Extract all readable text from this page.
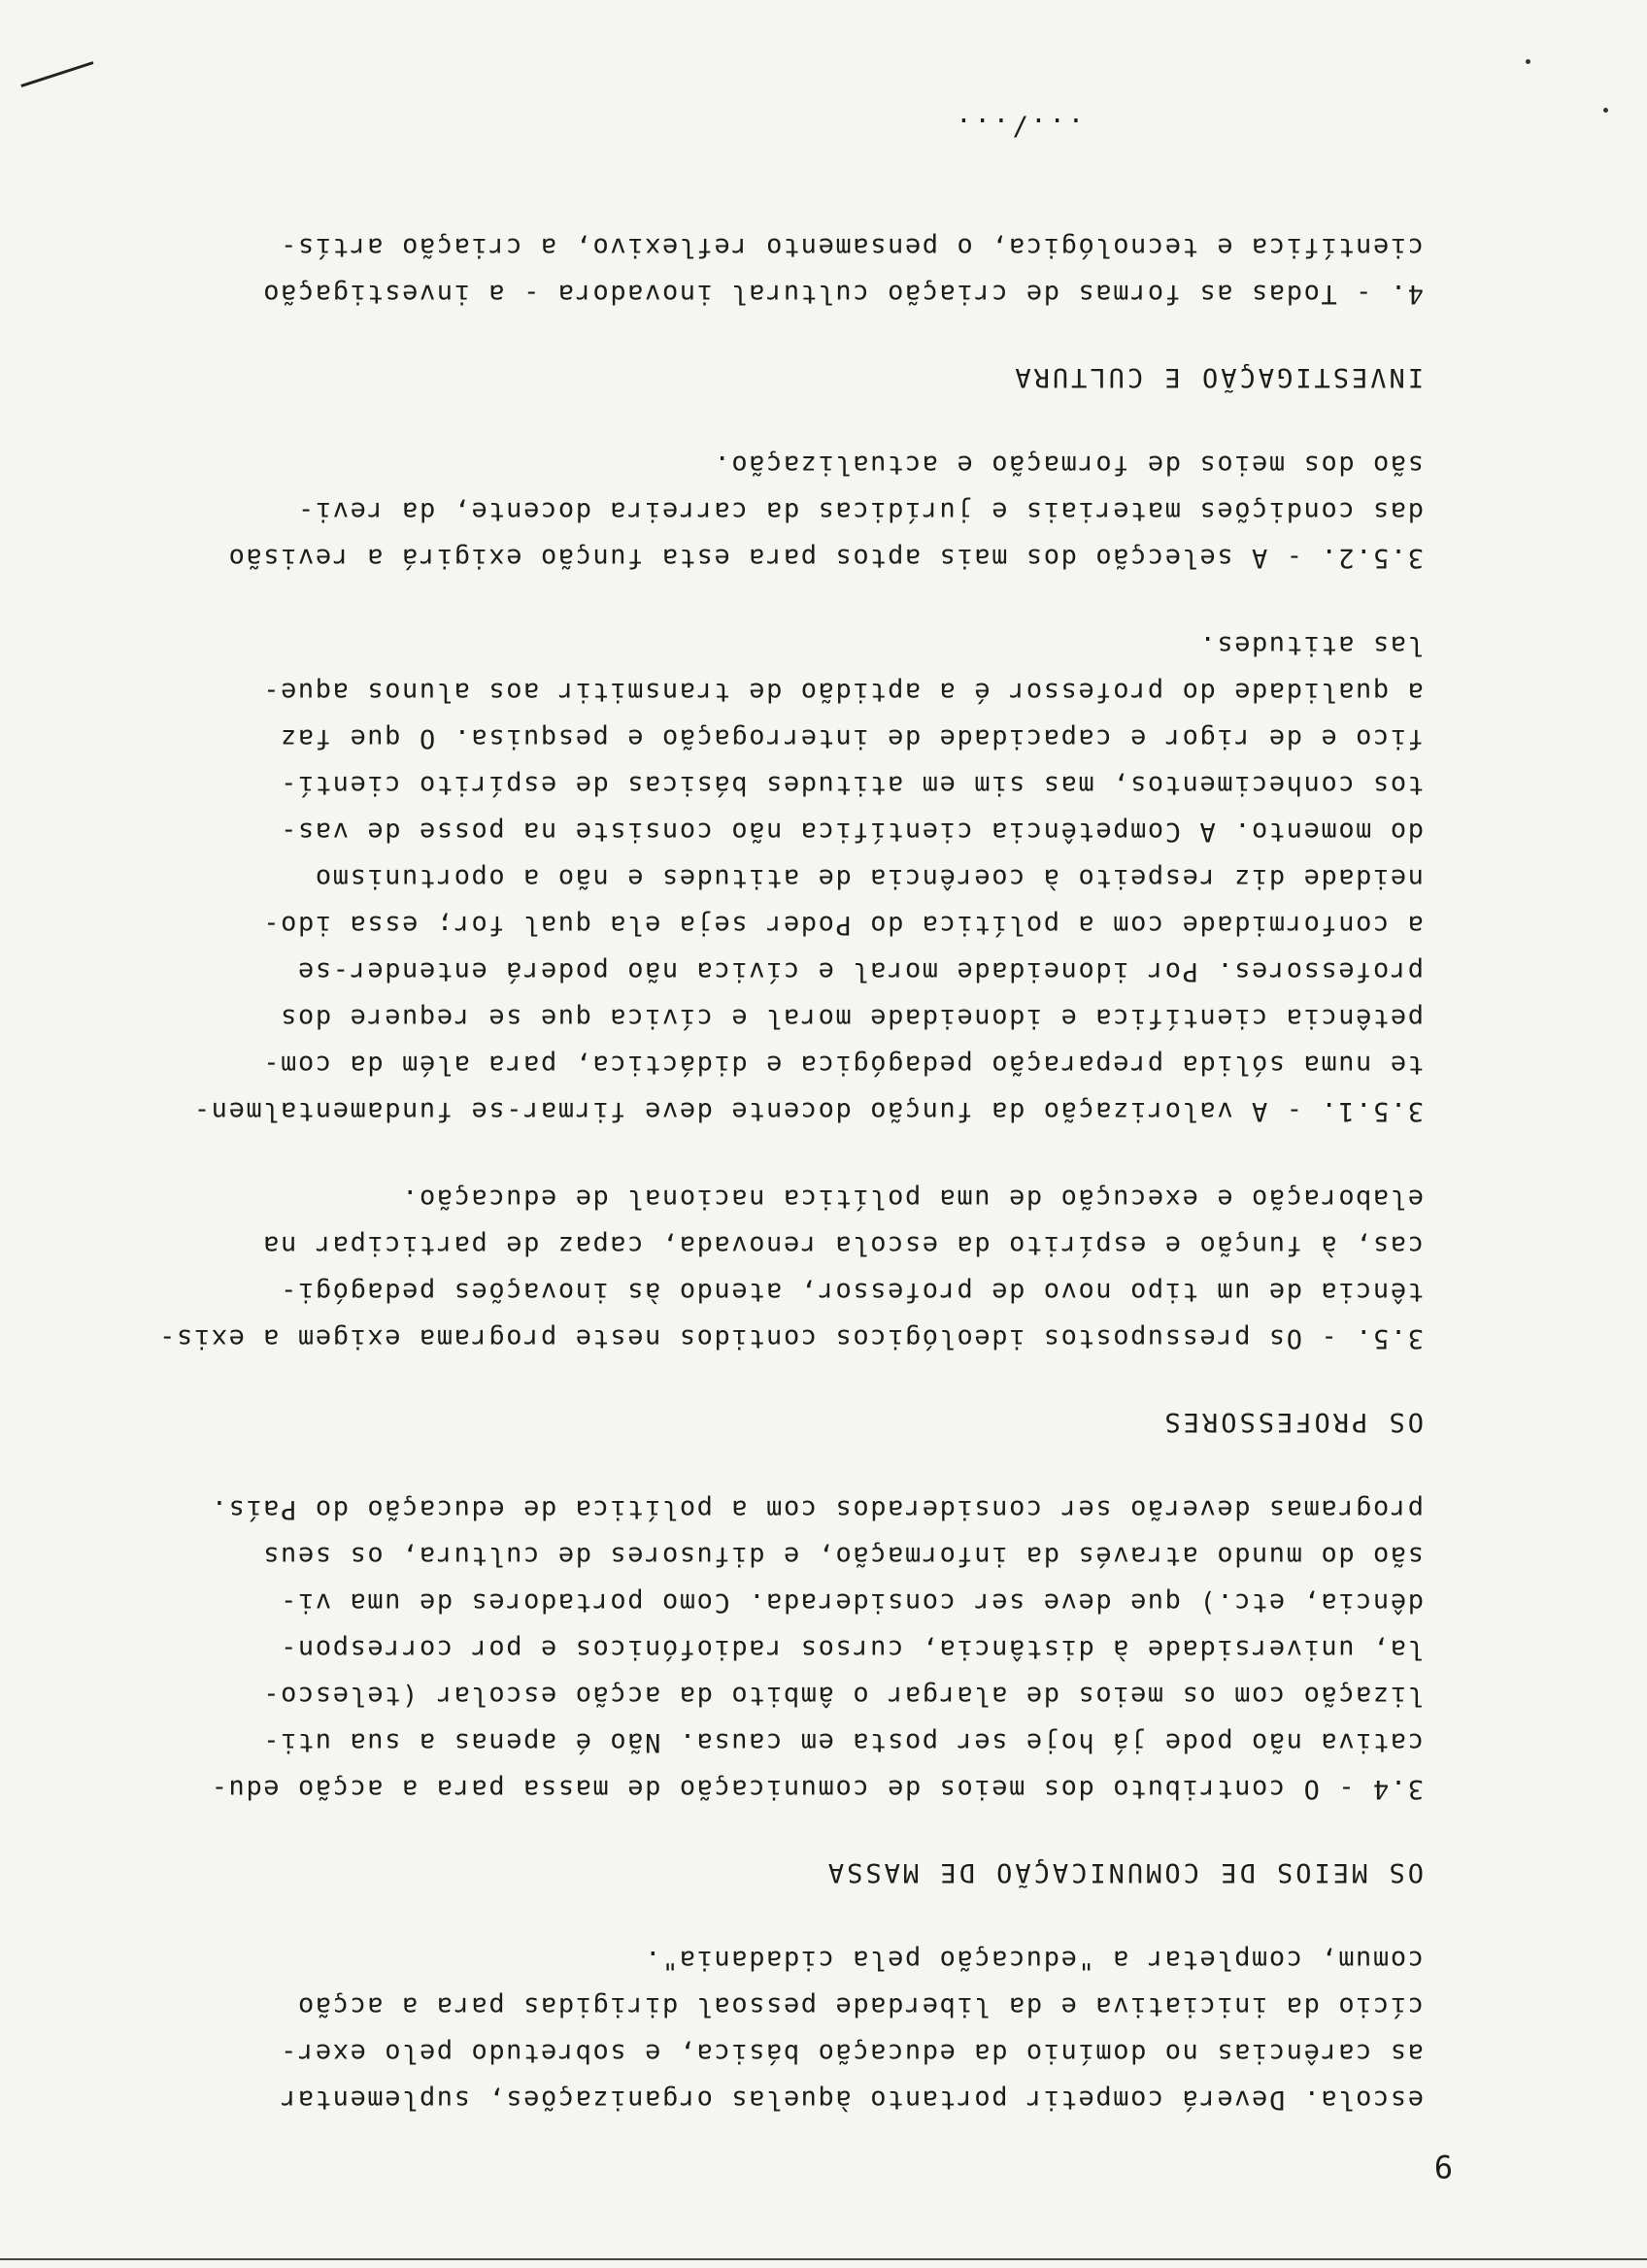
9
escola. Deverá competir portanto àquelas organizações, suplementar
as carências no domínio da educação básica, e sobretudo pelo exer-
cício da iniciativa e da liberdade pessoal dirigidas para a acção
comum, completar a "educação pela cidadania".
OS MEIOS DE COMUNICAÇÃO DE MASSA
3.4 - O contributo dos meios de comunicação de massa para a acção edu-
cativa não pode já hoje ser posta em causa. Não é apenas a sua uti-
lização com os meios de alargar o âmbito da acção escolar (telesco-
la, universidade à distância, cursos radiofónicos e por correspon-
dência, etc.) que deve ser considerada. Como portadores de uma vi-
são do mundo através da informação, e difusores de cultura, os seus
programas deverão ser considerados com a política de educação do País.
OS PROFESSORES
3.5. - Os pressupostos ideológicos contidos neste programa exigem a exis-
tência de um tipo novo de professor, atendo às inovações pedagógi-
cas, à função e espírito da escola renovada, capaz de participar na
elaboração e execução de uma política nacional de educação.
3.5.1. - A valorização da função docente deve firmar-se fundamentalmen-
te numa sólida preparação pedagógica e didáctica, para além da com-
petência científica e idoneidade moral e cívica que se requere dos
professores. Por idoneidade moral e cívica não poderá entender-se
a conformidade com a política do Poder seja ela qual for; essa ido-
neidade diz respeito à coerência de atitudes e não a oportunismo
do momento. A Competência científica não consiste na posse de vas-
tos conhecimentos, mas sim em atitudes básicas de espírito cientí-
fico e de rigor e capacidade de interrogação e pesquisa. O que faz
a qualidade do professor é a aptidão de transmitir aos alunos aque-
las atitudes.
3.5.2. - A selecção dos mais aptos para esta função exigirá a revisão
das condições materiais e jurídicas da carreira docente, da revi-
são dos meios de formação e actualização.
INVESTIGAÇÃO E CULTURA
4. - Todas as formas de criação cultural inovadora - a investigação
científica e tecnológica, o pensamento reflexivo, a criação artís-
.../...
